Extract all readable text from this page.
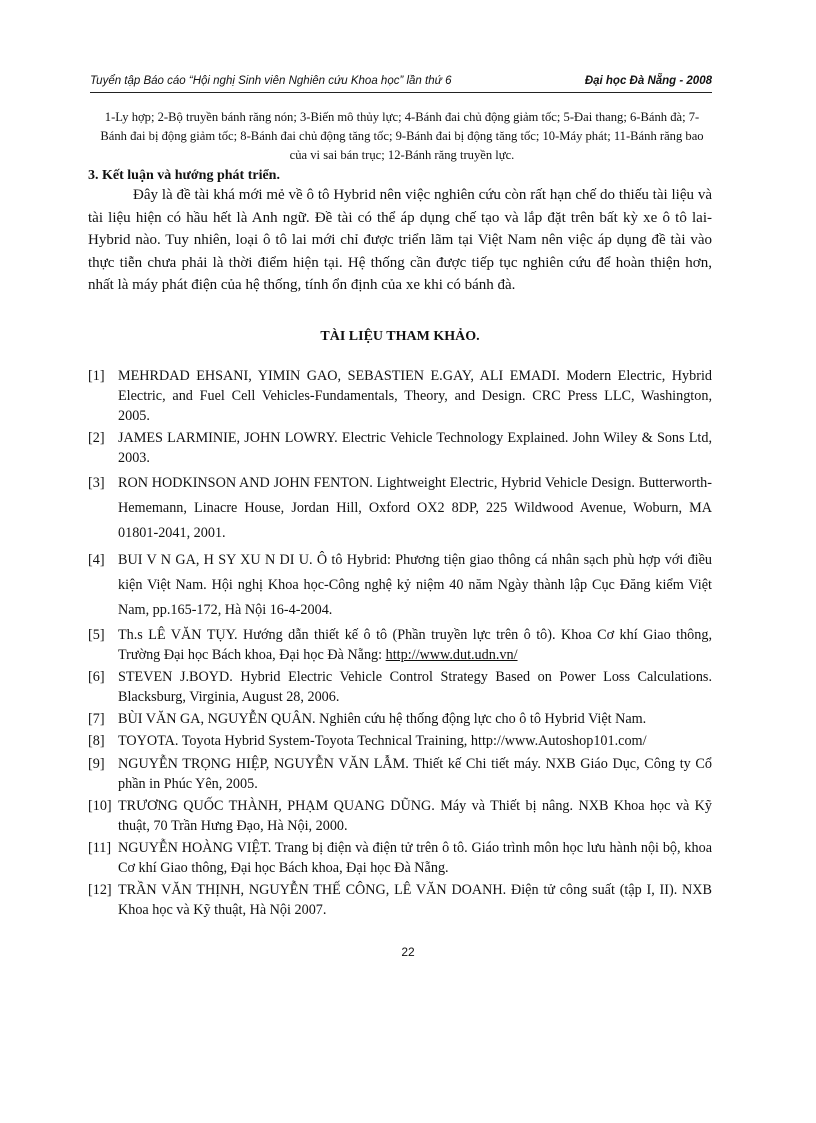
Tuyển tập Báo cáo “Hội nghị Sinh viên Nghiên cứu Khoa học” lần thứ 6	Đại học Đà Nẵng - 2008
1-Ly hợp; 2-Bộ truyền bánh răng nón; 3-Biến mô thủy lực; 4-Bánh đai chủ động giảm tốc; 5-Đai thang; 6-Bánh đà; 7-Bánh đai bị động giảm tốc; 8-Bánh đai chủ động tăng tốc; 9-Bánh đai bị động tăng tốc; 10-Máy phát; 11-Bánh răng bao của vi sai bán trục; 12-Bánh răng truyền lực.
3. Kết luận và hướng phát triển.

Đây là đề tài khá mới mẻ về ô tô Hybrid nên việc nghiên cứu còn rất hạn chế do thiếu tài liệu và tài liệu hiện có hầu hết là Anh ngữ. Đề tài có thể áp dụng chế tạo và lắp đặt trên bất kỳ xe ô tô lai-Hybrid nào. Tuy nhiên, loại ô tô lai mới chỉ được triển lãm tại Việt Nam nên việc áp dụng đề tài vào thực tiễn chưa phải là thời điểm hiện tại. Hệ thống cần được tiếp tục nghiên cứu để hoàn thiện hơn, nhất là máy phát điện của hệ thống, tính ổn định của xe khi có bánh đà.

TÀI LIỆU THAM KHẢO.
[1] MEHRDAD EHSANI, YIMIN GAO, SEBASTIEN E.GAY, ALI EMADI. Modern Electric, Hybrid Electric, and Fuel Cell Vehicles-Fundamentals, Theory, and Design. CRC Press LLC, Washington, 2005.
[2] JAMES LARMINIE, JOHN LOWRY. Electric Vehicle Technology Explained. John Wiley & Sons Ltd, 2003.
[3] RON HODKINSON AND JOHN FENTON. Lightweight Electric, Hybrid Vehicle Design. Butterworth-Hememann, Linacre House, Jordan Hill, Oxford OX2 8DP, 225 Wildwood Avenue, Woburn, MA 01801-2041, 2001.
[4] BUI V N GA, H SY XU N DI U. Ô tô Hybrid: Phương tiện giao thông cá nhân sạch phù hợp với điều kiện Việt Nam. Hội nghị Khoa học-Công nghệ kỷ niệm 40 năm Ngày thành lập Cục Đăng kiểm Việt Nam, pp.165-172, Hà Nội 16-4-2004.
[5] Th.s LÊ VĂN TỤY. Hướng dẫn thiết kế ô tô (Phần truyền lực trên ô tô). Khoa Cơ khí Giao thông, Trường Đại học Bách khoa, Đại học Đà Nẵng: http://www.dut.udn.vn/
[6] STEVEN J.BOYD. Hybrid Electric Vehicle Control Strategy Based on Power Loss Calculations. Blacksburg, Virginia, August 28, 2006.
[7] BÙI VĂN GA, NGUYỄN QUÂN. Nghiên cứu hệ thống động lực cho ô tô Hybrid Việt Nam.
[8] TOYOTA. Toyota Hybrid System-Toyota Technical Training, http://www.Autoshop101.com/
[9] NGUYỄN TRỌNG HIỆP, NGUYỄN VĂN LẪM. Thiết kế Chi tiết máy. NXB Giáo Dục, Công ty Cổ phần in Phúc Yên, 2005.
[10] TRƯƠNG QUỐC THÀNH, PHẠM QUANG DŨNG. Máy và Thiết bị nâng. NXB Khoa học và Kỹ thuật, 70 Trần Hưng Đạo, Hà Nội, 2000.
[11] NGUYỄN HOÀNG VIỆT. Trang bị điện và điện tử trên ô tô. Giáo trình môn học lưu hành nội bộ, khoa Cơ khí Giao thông, Đại học Bách khoa, Đại học Đà Nẵng.
[12] TRẦN VĂN THỊNH, NGUYỄN THẾ CÔNG, LÊ VĂN DOANH. Điện tử công suất (tập I, II). NXB Khoa học và Kỹ thuật, Hà Nội 2007.
22
